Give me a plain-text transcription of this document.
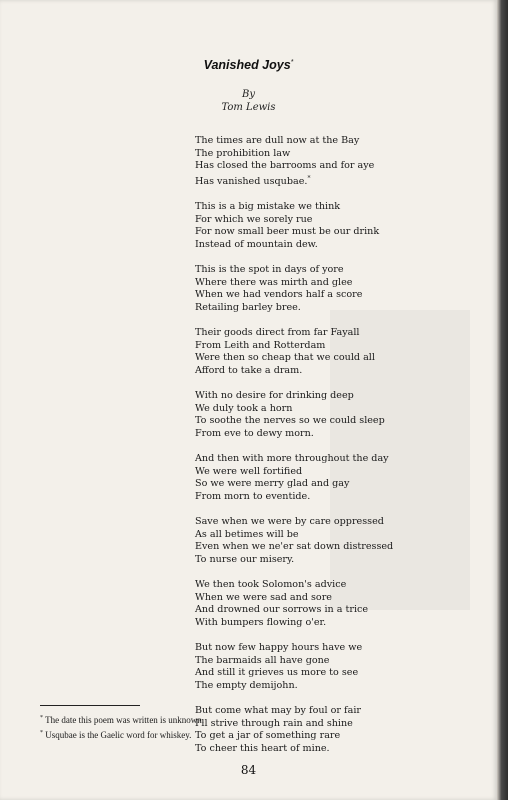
Vanished Joys*
By
Tom Lewis
The times are dull now at the Bay
The prohibition law
Has closed the barrooms and for aye
Has vanished usqubae.*
This is a big mistake we think
For which we sorely rue
For now small beer must be our drink
Instead of mountain dew.
This is the spot in days of yore
Where there was mirth and glee
When we had vendors half a score
Retailing barley bree.
Their goods direct from far Fayall
From Leith and Rotterdam
Were then so cheap that we could all
Afford to take a dram.
With no desire for drinking deep
We duly took a horn
To soothe the nerves so we could sleep
From eve to dewy morn.
And then with more throughout the day
We were well fortified
So we were merry glad and gay
From morn to eventide.
Save when we were by care oppressed
As all betimes will be
Even when we ne'er sat down distressed
To nurse our misery.
We then took Solomon's advice
When we were sad and sore
And drowned our sorrows in a trice
With bumpers flowing o'er.
But now few happy hours have we
The barmaids all have gone
And still it grieves us more to see
The empty demijohn.
But come what may by foul or fair
I'll strive through rain and shine
To get a jar of something rare
To cheer this heart of mine.
* The date this poem was written is unknown.
* Usqubae is the Gaelic word for whiskey.
84
